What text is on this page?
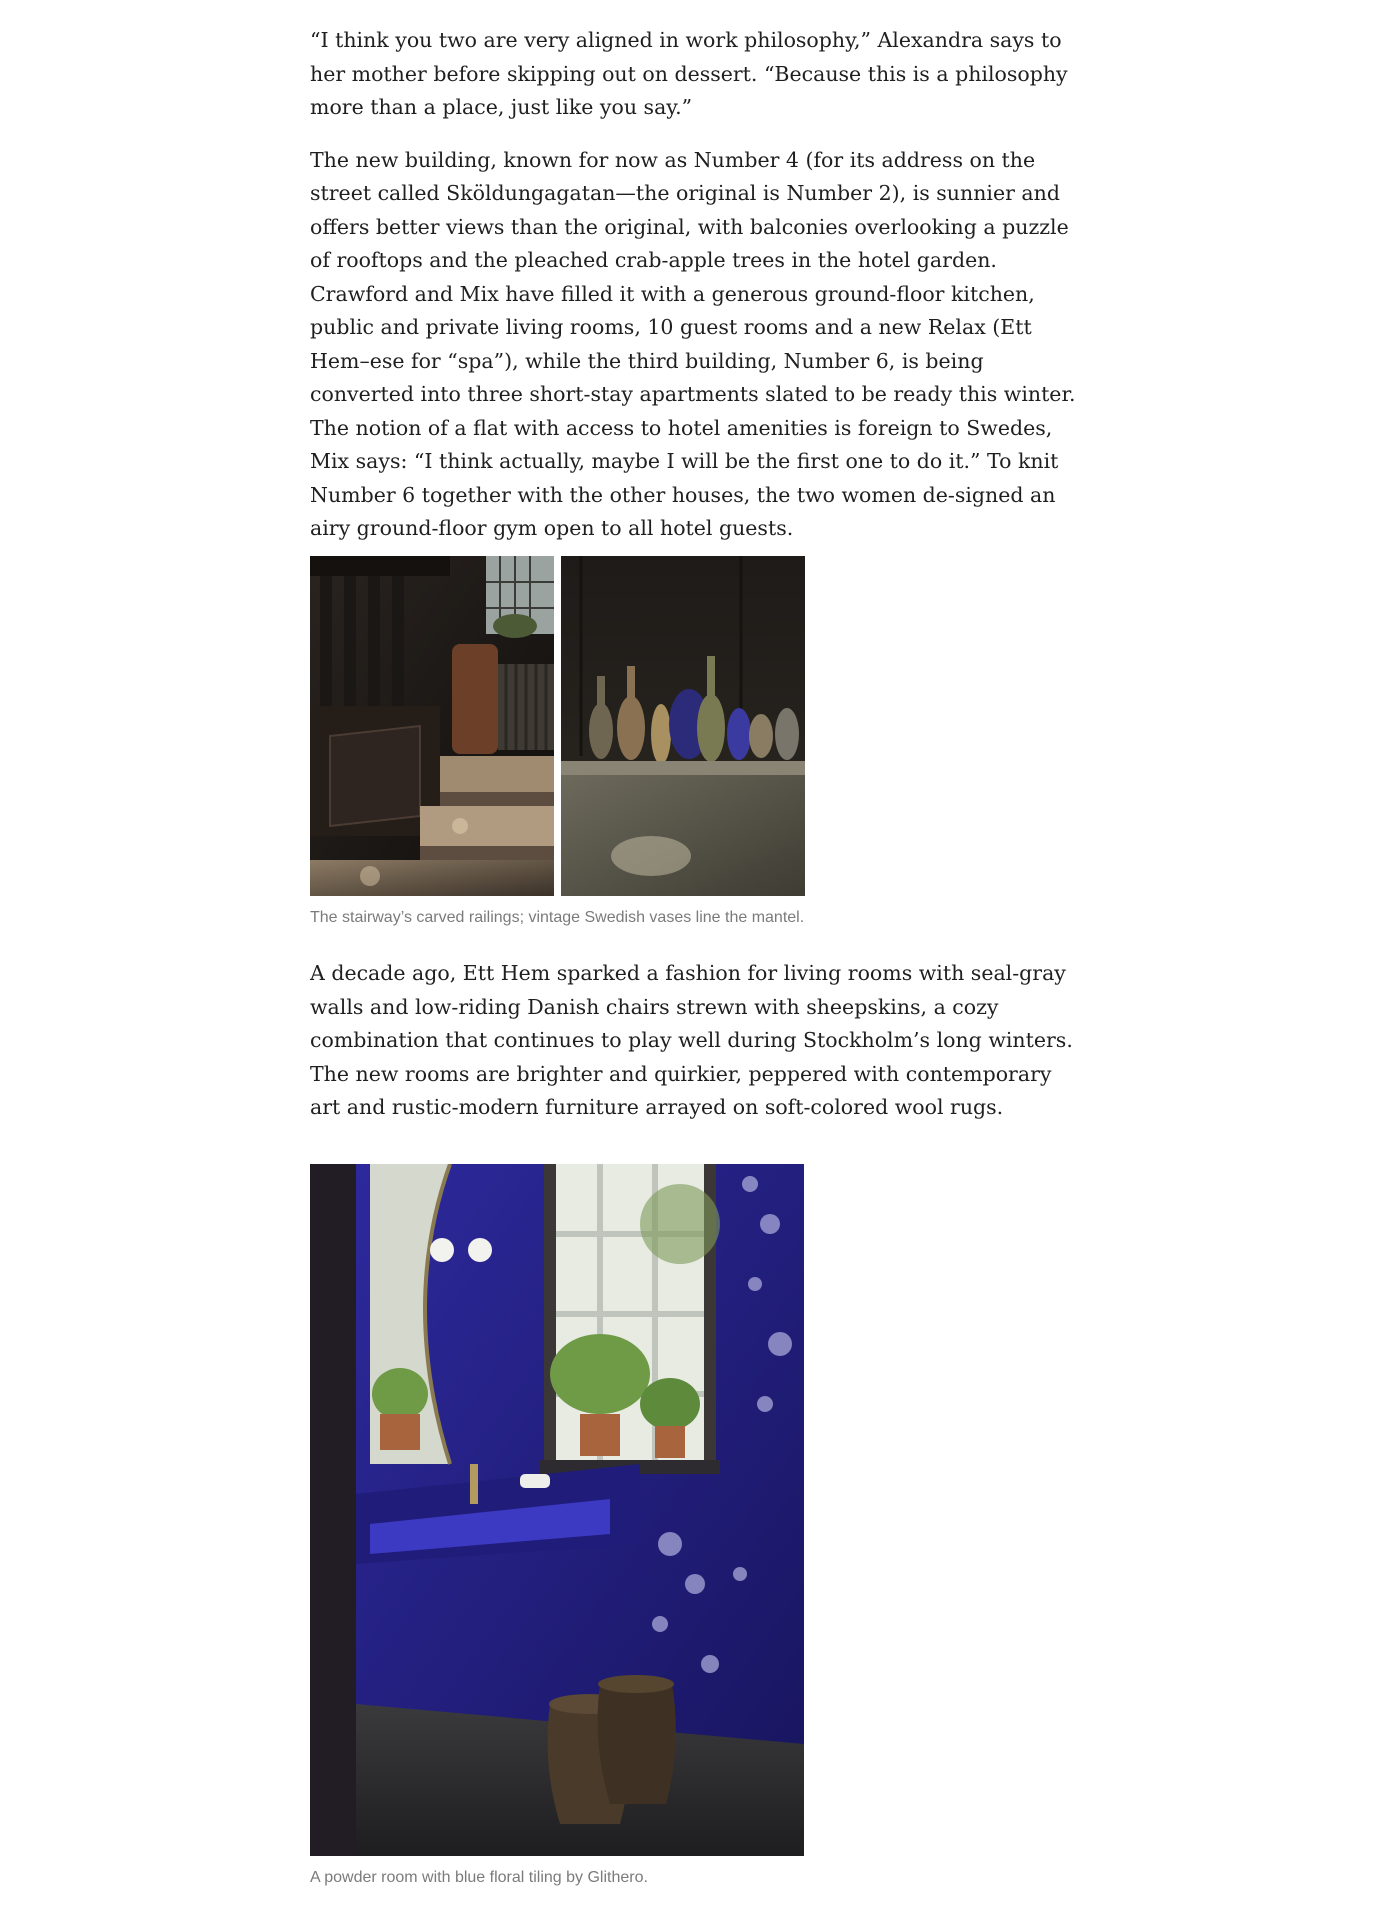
“I think you two are very aligned in work philosophy,” Alexandra says to her mother before skipping out on dessert. “Because this is a philosophy more than a place, just like you say.”

The new building, known for now as Number 4 (for its address on the street called Sköldungagatan—the original is Number 2), is sunnier and offers better views than the original, with balconies overlooking a puzzle of rooftops and the pleached crab-apple trees in the hotel garden. Crawford and Mix have filled it with a generous ground-floor kitchen, public and private living rooms, 10 guest rooms and a new Relax (Ett Hem–ese for “spa”), while the third building, Number 6, is being converted into three short-stay apartments slated to be ready this winter. The notion of a flat with access to hotel amenities is foreign to Swedes, Mix says: “I think actually, maybe I will be the first one to do it.” To knit Number 6 together with the other houses, the two women de-signed an airy ground-floor gym open to all hotel guests.

The stairway’s carved railings; vintage Swedish vases line the mantel.

A decade ago, Ett Hem sparked a fashion for living rooms with seal-gray walls and low-riding Danish chairs strewn with sheepskins, a cozy combination that continues to play well during Stockholm’s long winters. The new rooms are brighter and quirkier, peppered with contemporary art and rustic-modern furniture arrayed on soft-colored wool rugs.

A powder room with blue floral tiling by Glithero.
